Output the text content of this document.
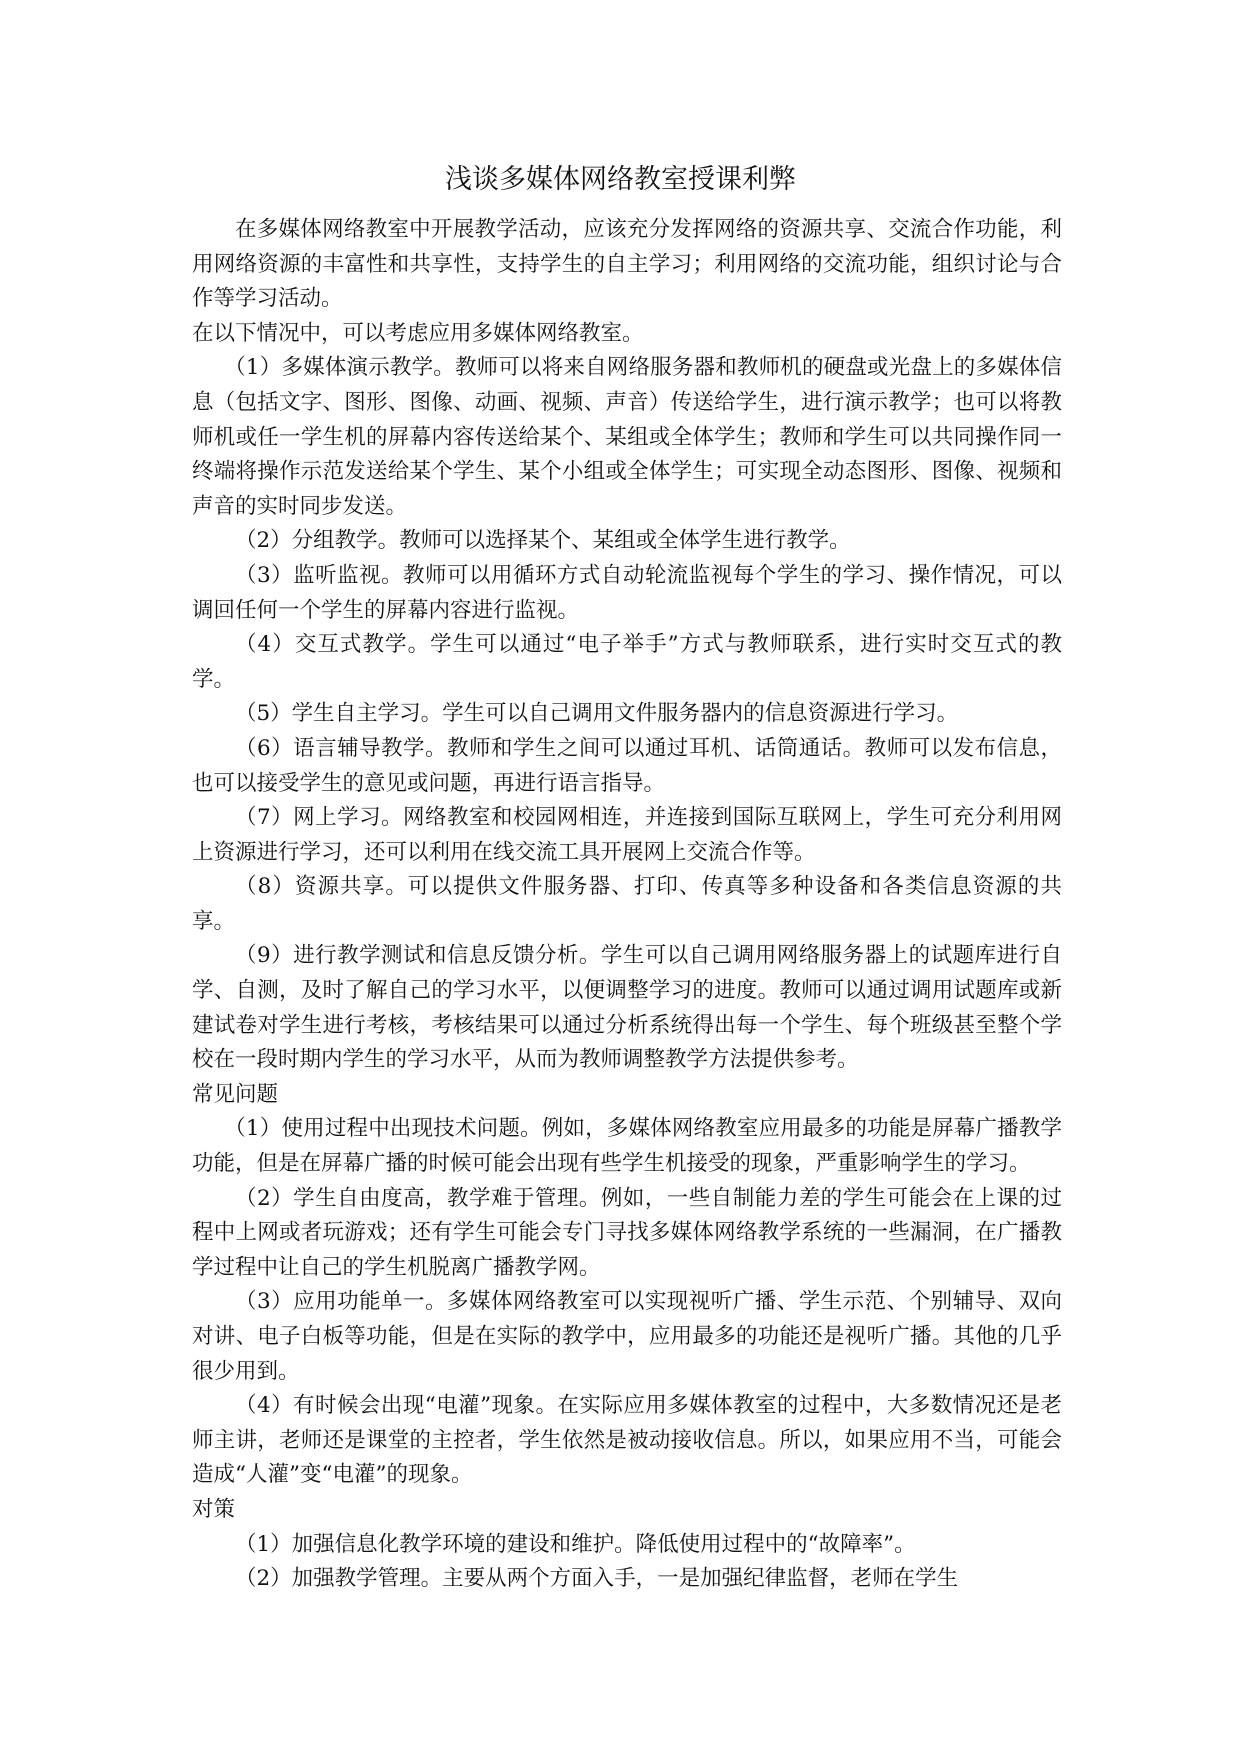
浅谈多媒体网络教室授课利弊

在多媒体网络教室中开展教学活动，应该充分发挥网络的资源共享、交流合作功能，利用网络资源的丰富性和共享性，支持学生的自主学习；利用网络的交流功能，组织讨论与合作等学习活动。

在以下情况中，可以考虑应用多媒体网络教室。

（1）多媒体演示教学。教师可以将来自网络服务器和教师机的硬盘或光盘上的多媒体信息（包括文字、图形、图像、动画、视频、声音）传送给学生，进行演示教学；也可以将教师机或任一学生机的屏幕内容传送给某个、某组或全体学生；教师和学生可以共同操作同一终端将操作示范发送给某个学生、某个小组或全体学生；可实现全动态图形、图像、视频和声音的实时同步发送。

（2）分组教学。教师可以选择某个、某组或全体学生进行教学。

（3）监听监视。教师可以用循环方式自动轮流监视每个学生的学习、操作情况，可以调回任何一个学生的屏幕内容进行监视。

（4）交互式教学。学生可以通过“电子举手”方式与教师联系，进行实时交互式的教学。

（5）学生自主学习。学生可以自己调用文件服务器内的信息资源进行学习。

（6）语言辅导教学。教师和学生之间可以通过耳机、话筒通话。教师可以发布信息，也可以接受学生的意见或问题，再进行语言指导。

（7）网上学习。网络教室和校园网相连，并连接到国际互联网上，学生可充分利用网上资源进行学习，还可以利用在线交流工具开展网上交流合作等。

（8）资源共享。可以提供文件服务器、打印、传真等多种设备和各类信息资源的共享。

（9）进行教学测试和信息反馈分析。学生可以自己调用网络服务器上的试题库进行自学、自测，及时了解自己的学习水平，以便调整学习的进度。教师可以通过调用试题库或新建试卷对学生进行考核，考核结果可以通过分析系统得出每一个学生、每个班级甚至整个学校在一段时期内学生的学习水平，从而为教师调整教学方法提供参考。

常见问题

（1）使用过程中出现技术问题。例如，多媒体网络教室应用最多的功能是屏幕广播教学功能，但是在屏幕广播的时候可能会出现有些学生机接受的现象，严重影响学生的学习。

（2）学生自由度高，教学难于管理。例如，一些自制能力差的学生可能会在上课的过程中上网或者玩游戏；还有学生可能会专门寻找多媒体网络教学系统的一些漏洞，在广播教学过程中让自己的学生机脱离广播教学网。

（3）应用功能单一。多媒体网络教室可以实现视听广播、学生示范、个别辅导、双向对讲、电子白板等功能，但是在实际的教学中，应用最多的功能还是视听广播。其他的几乎很少用到。

（4）有时候会出现“电灌”现象。在实际应用多媒体教室的过程中，大多数情况还是老师主讲，老师还是课堂的主控者，学生依然是被动接收信息。所以，如果应用不当，可能会造成“人灌”变“电灌”的现象。

对策

（1）加强信息化教学环境的建设和维护。降低使用过程中的“故障率”。

（2）加强教学管理。主要从两个方面入手，一是加强纪律监督，老师在学生
